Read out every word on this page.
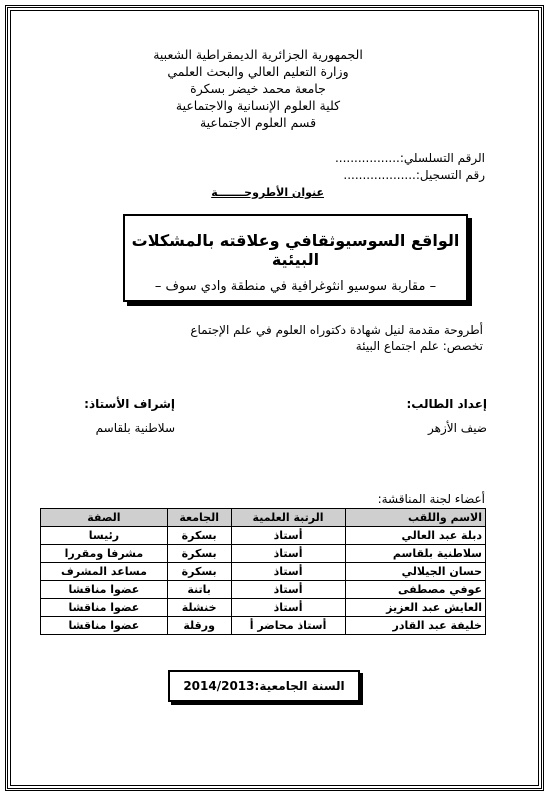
الجمهورية الجزائرية الديمقراطية الشعبية
وزارة التعليم العالي والبحث العلمي
جامعة محمد خيضر بسكرة
كلية العلوم الإنسانية والاجتماعية
قسم العلوم الاجتماعية
الرقم التسلسلي:.................
رقم التسجيل:...................
عنوان الأطروحـــــــة
الواقع السوسيوثقافي وعلاقته بالمشكلات البيئية
– مقاربة سوسيو انثوغرافية في منطقة وادي سوف –
أطروحة مقدمة لنيل شهادة دكتوراه العلوم في علم الإجتماع
تخصص: علم اجتماع البيئة
إعداد الطالب:
ضيف الأزهر
إشراف الأستاذ:
سلاطنية بلقاسم
أعضاء لجنة المناقشة:
الاسم واللقب	الرتبة العلمية	الجامعة	الصفة
دبلة عبد العالي	أستاذ	بسكرة	رئيسا
سلاطنية بلقاسم	أستاذ	بسكرة	مشرفا ومقررا
حسان الجيلالي	أستاذ	بسكرة	مساعد المشرف
عوفي مصطفى	أستاذ	باتنة	عضوا مناقشا
العايش عبد العزيز	أستاذ	خنشلة	عضوا مناقشا
خليفة عبد القادر	أستاذ محاضر أ	ورقلة	عضوا مناقشا
السنة الجامعية:2014/2013
